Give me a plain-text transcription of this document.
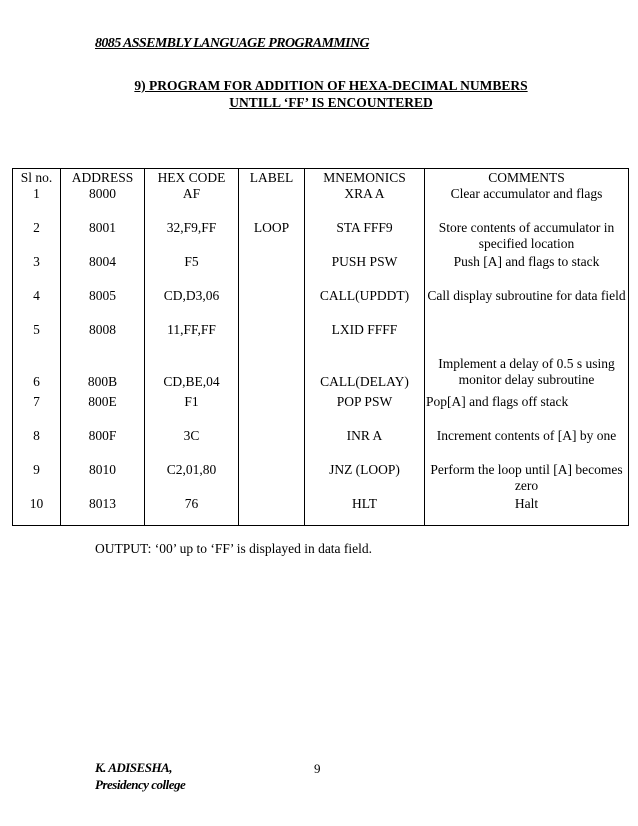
8085 ASSEMBLY LANGUAGE PROGRAMMING
9) PROGRAM FOR ADDITION OF HEXA-DECIMAL NUMBERS
UNTILL ‘FF’ IS ENCOUNTERED
Sl no.	ADDRESS	HEX CODE	LABEL	MNEMONICS	COMMENTS
1	8000	AF		XRA A	Clear accumulator and flags
2	8001	32,F9,FF	LOOP	STA FFF9	Store contents of accumulator in specified location
3	8004	F5		PUSH PSW	Push [A] and flags to stack
4	8005	CD,D3,06		CALL(UPDDT)	Call display subroutine for data field
5	8008	11,FF,FF		LXID FFFF	
6	800B	CD,BE,04		CALL(DELAY)	Implement a delay of 0.5 s using monitor delay subroutine
7	800E	F1		POP PSW	Pop[A] and flags off stack
8	800F	3C		INR A	Increment contents of [A] by one
9	8010	C2,01,80		JNZ (LOOP)	Perform the loop until [A] becomes zero
10	8013	76		HLT	Halt
OUTPUT: ‘00’ up to ‘FF’ is displayed in data field.
K. ADISESHA,
Presidency college
9
